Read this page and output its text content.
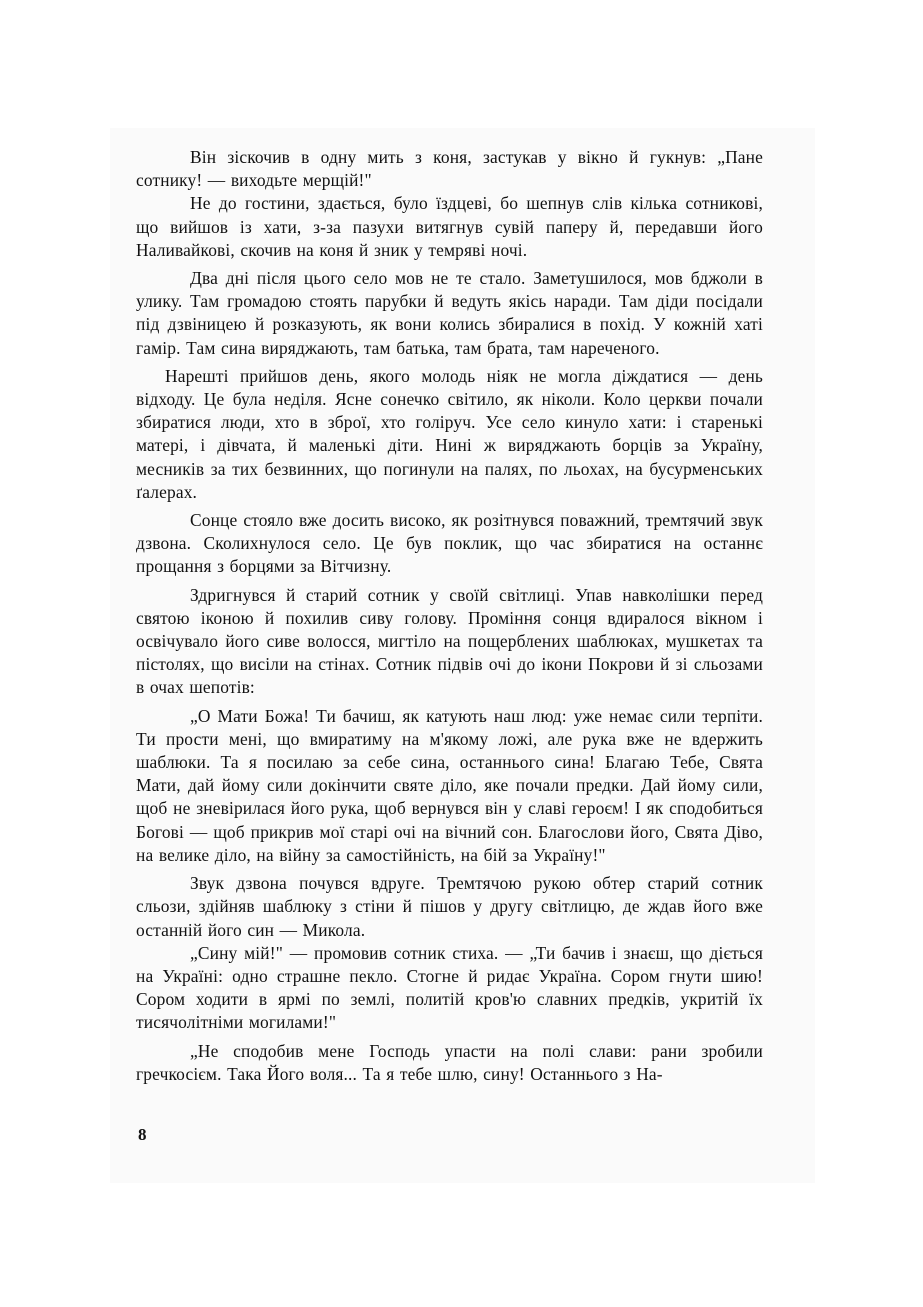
Він зіскочив в одну мить з коня, застукав у вікно й гукнув: „Пане сотнику! — виходьте мерщій!"

Не до гостини, здається, було їздцеві, бо шепнув слів кілька сотникові, що вийшов із хати, з-за пазухи витягнув сувій паперу й, передавши його Наливайкові, скочив на коня й зник у темряві ночі.

Два дні після цього село мов не те стало. Заметушилося, мов бджоли в улику. Там громадою стоять парубки й ведуть якісь наради. Там діди посідали під дзвіницею й розказують, як вони колись збиралися в похід. У кожній хаті гамір. Там сина виряджають, там батька, там брата, там нареченого.

Нарешті прийшов день, якого молодь ніяк не могла діждатися — день відходу. Це була неділя. Ясне сонечко світило, як ніколи. Коло церкви почали збиратися люди, хто в зброї, хто голіруч. Усе село кинуло хати: і старенькі матері, і дівчата, й маленькі діти. Нині ж виряджають борців за Україну, месників за тих безвинних, що погинули на палях, по льохах, на бусурменських ґалерах.

Сонце стояло вже досить високо, як розітнувся поважний, тремтячий звук дзвона. Сколихнулося село. Це був поклик, що час збиратися на останнє прощання з борцями за Вітчизну.

Здригнувся й старий сотник у своїй світлиці. Упав навколішки перед святою іконою й похилив сиву голову. Проміння сонця вдиралося вікном і освічувало його сиве волосся, мигтіло на пощерблених шаблюках, мушкетах та пістолях, що висіли на стінах. Сотник підвів очі до ікони Покрови й зі сльозами в очах шепотів:

„О Мати Божа! Ти бачиш, як катують наш люд: уже немає сили терпіти. Ти прости мені, що вмиратиму на м'якому ложі, але рука вже не вдержить шаблюки. Та я посилаю за себе сина, останнього сина! Благаю Тебе, Свята Мати, дай йому сили докінчити святе діло, яке почали предки. Дай йому сили, щоб не зневірилася його рука, щоб вернувся він у славі героєм! І як сподобиться Богові — щоб прикрив мої старі очі на вічний сон. Благослови його, Свята Діво, на велике діло, на війну за самостійність, на бій за Україну!"

Звук дзвона почувся вдруге. Тремтячою рукою обтер старий сотник сльози, здійняв шаблюку з стіни й пішов у другу світлицю, де ждав його вже останній його син — Микола.

„Сину мій!" — промовив сотник стиха. — „Ти бачив і знаєш, що діється на Україні: одно страшне пекло. Стогне й ридає Україна. Сором гнути шию! Сором ходити в ярмі по землі, политій кров'ю славних предків, укритій їх тисячолітніми могилами!"

„Не сподобив мене Господь упасти на полі слави: рани зробили гречкосієм. Така Його воля... Та я тебе шлю, сину! Останнього з На-

8
